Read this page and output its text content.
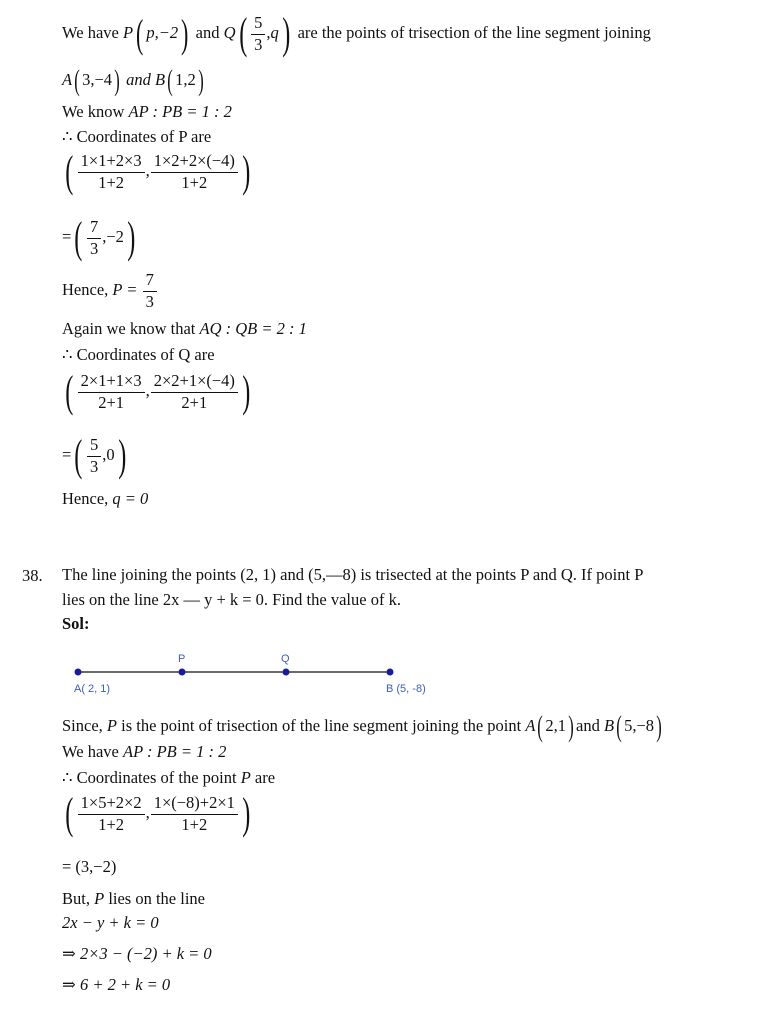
We have P( p,−2) and $Q( \frac{5}{3} ,q)$ are the points of trisection of the line segment joining
A( 3,−4) and B( 1,2)
We know AP : PB = 1 : 2
∴ Coordinates of P are
( $\frac{1\times 1+2\times 3}{1+2}$ , $\frac{1\times 2+2\times(-4)}{1+2}$ )
=( $\frac{7}{3} ,-2$)
Hence, $P = \frac{7}{3}$
Again we know that AQ : QB = 2 : 1
∴ Coordinates of Q are
( $\frac{2\times 1+1\times 3}{2+1}$ , $\frac{2\times 2+1\times(-4)}{2+1}$ )
=( $\frac{5}{3} ,0$)
Hence, q = 0
38. The line joining the points (2, 1) and (5,—8) is trisected at the points P and Q. If point P
lies on the line 2x — y + k = 0. Find the value of k.
Sol:
P	Q
A( 2, 1)	B (5, -8)
Since, P is the point of trisection of the line segment joining the point A( 2,1) and B( 5,−8)
We have AP : PB = 1 : 2
∴ Coordinates of the point P are
( $\frac{1\times 5+2\times 2}{1+2}$ , $\frac{1\times(-8)+2\times 1}{1+2}$ )
= (3,−2)
But, P lies on the line
2x − y + k = 0
⇒ 2×3 − (−2) + k = 0
⇒ 6 + 2 + k = 0
